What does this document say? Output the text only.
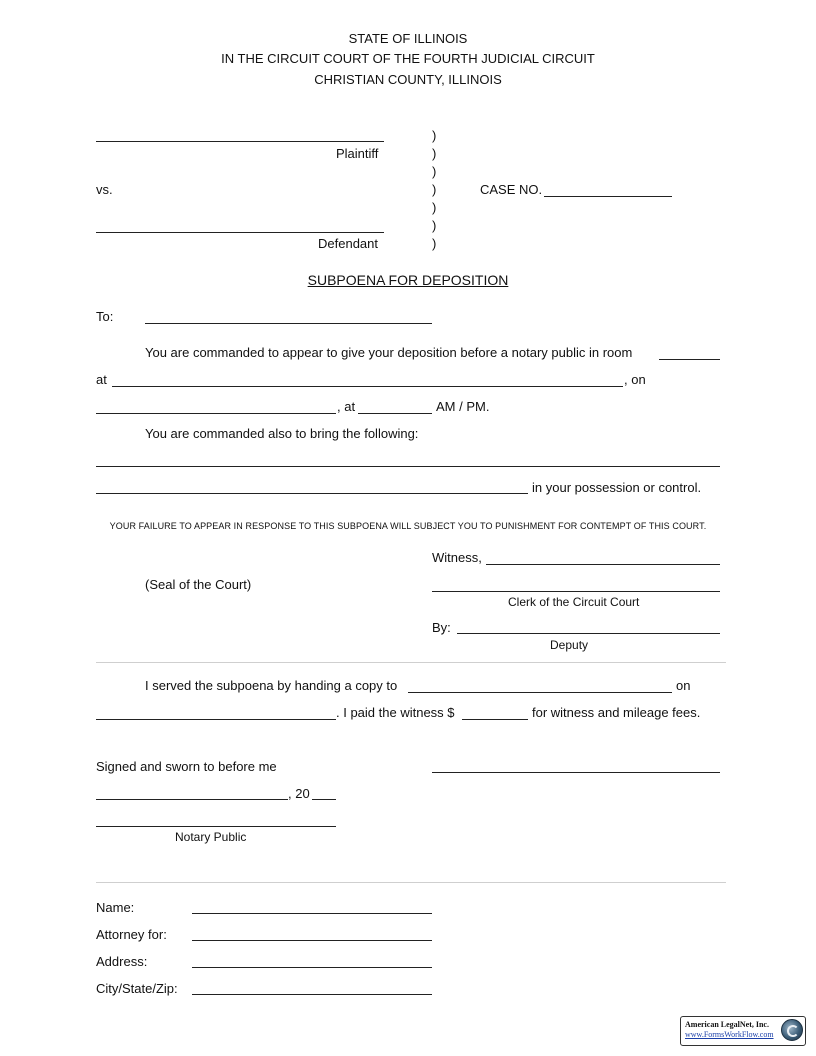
STATE OF ILLINOIS
IN THE CIRCUIT COURT OF THE FOURTH JUDICIAL CIRCUIT
CHRISTIAN COUNTY, ILLINOIS
Plaintiff
vs.
Defendant
)
)
)
)
)
)
)
CASE NO.
SUBPOENA FOR DEPOSITION
To:
You are commanded to appear to give your deposition before a notary public in room
at	, on
, at	AM / PM.
You are commanded also to bring the following:
in your possession or control.
YOUR FAILURE TO APPEAR IN RESPONSE TO THIS SUBPOENA WILL SUBJECT YOU TO PUNISHMENT FOR CONTEMPT OF THIS COURT.
Witness,
(Seal of the Court)
Clerk of the Circuit Court
By:
Deputy
I served the subpoena by handing a copy to	on
. I paid the witness $	for witness and mileage fees.
Signed and sworn to before me
, 20
Notary Public
Name:
Attorney for:
Address:
City/State/Zip:
American LegalNet, Inc.
www.FormsWorkFlow.com
